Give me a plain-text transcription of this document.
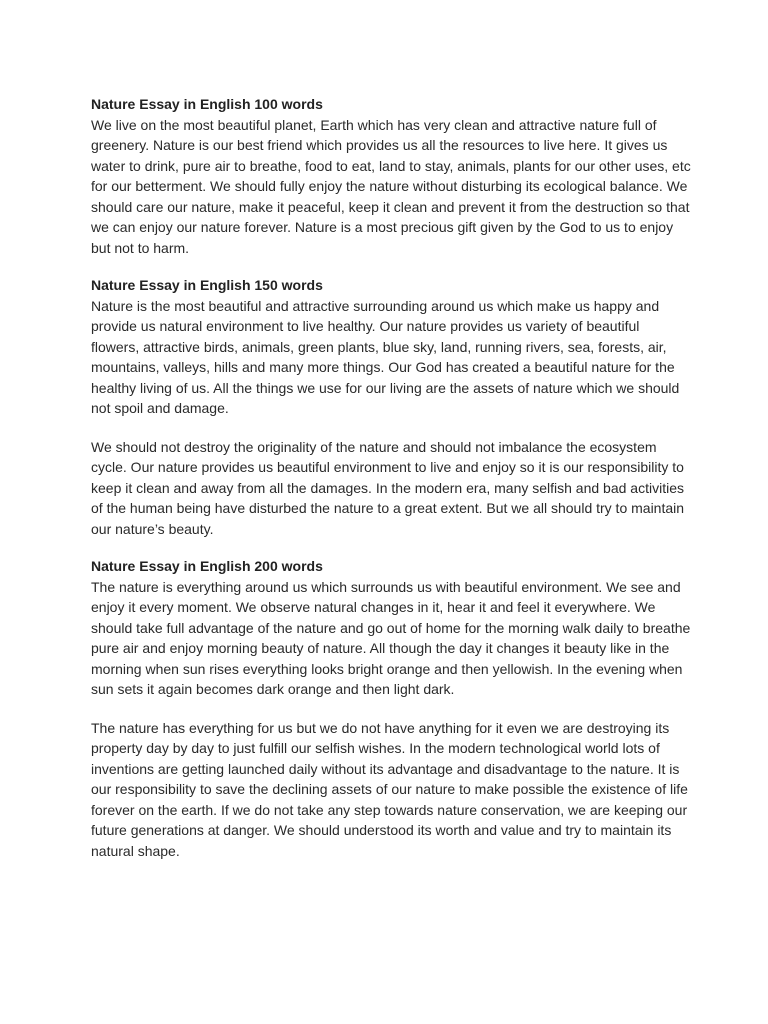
Nature Essay in English 100 words

We live on the most beautiful planet, Earth which has very clean and attractive nature full of greenery. Nature is our best friend which provides us all the resources to live here. It gives us water to drink, pure air to breathe, food to eat, land to stay, animals, plants for our other uses, etc for our betterment. We should fully enjoy the nature without disturbing its ecological balance. We should care our nature, make it peaceful, keep it clean and prevent it from the destruction so that we can enjoy our nature forever. Nature is a most precious gift given by the God to us to enjoy but not to harm.

Nature Essay in English 150 words

Nature is the most beautiful and attractive surrounding around us which make us happy and provide us natural environment to live healthy. Our nature provides us variety of beautiful flowers, attractive birds, animals, green plants, blue sky, land, running rivers, sea, forests, air, mountains, valleys, hills and many more things. Our God has created a beautiful nature for the healthy living of us. All the things we use for our living are the assets of nature which we should not spoil and damage.

We should not destroy the originality of the nature and should not imbalance the ecosystem cycle. Our nature provides us beautiful environment to live and enjoy so it is our responsibility to keep it clean and away from all the damages. In the modern era, many selfish and bad activities of the human being have disturbed the nature to a great extent. But we all should try to maintain our nature’s beauty.

Nature Essay in English 200 words

The nature is everything around us which surrounds us with beautiful environment. We see and enjoy it every moment. We observe natural changes in it, hear it and feel it everywhere. We should take full advantage of the nature and go out of home for the morning walk daily to breathe pure air and enjoy morning beauty of nature. All though the day it changes it beauty like in the morning when sun rises everything looks bright orange and then yellowish. In the evening when sun sets it again becomes dark orange and then light dark.

The nature has everything for us but we do not have anything for it even we are destroying its property day by day to just fulfill our selfish wishes. In the modern technological world lots of inventions are getting launched daily without its advantage and disadvantage to the nature. It is our responsibility to save the declining assets of our nature to make possible the existence of life forever on the earth. If we do not take any step towards nature conservation, we are keeping our future generations at danger. We should understood its worth and value and try to maintain its natural shape.
